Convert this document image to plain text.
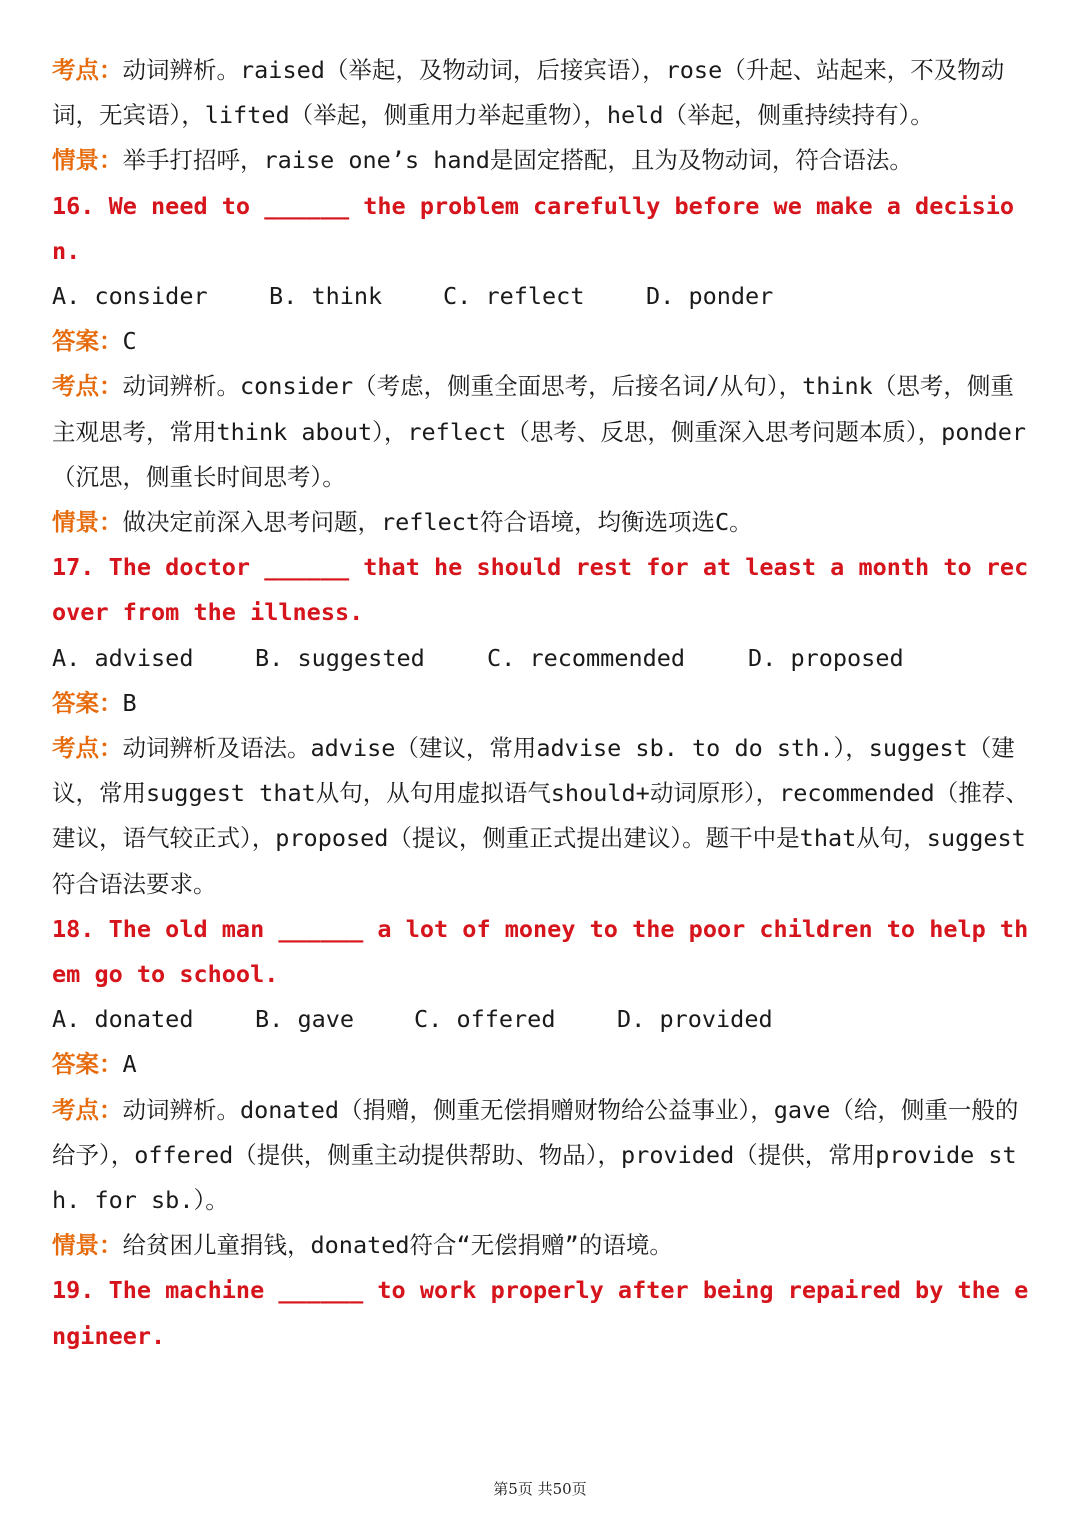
考点：动词辨析。raised（举起，及物动词，后接宾语），rose（升起、站起来，不及物动词，无宾语），lifted（举起，侧重用力举起重物），held（举起，侧重持续持有）。

情景：举手打招呼，raise one’s hand是固定搭配，且为及物动词，符合语法。

16. We need to ______ the problem carefully before we make a decision.

A. consider	B. think	C. reflect	D. ponder

答案：C

考点：动词辨析。consider（考虑，侧重全面思考，后接名词/从句），think（思考，侧重主观思考，常用think about），reflect（思考、反思，侧重深入思考问题本质），ponder（沉思，侧重长时间思考）。

情景：做决定前深入思考问题，reflect符合语境，均衡选项选C。

17. The doctor ______ that he should rest for at least a month to recover from the illness.

A. advised	B. suggested	C. recommended	D. proposed

答案：B

考点：动词辨析及语法。advise（建议，常用advise sb. to do sth.），suggest（建议，常用suggest that从句，从句用虚拟语气should+动词原形），recommended（推荐、建议，语气较正式），proposed（提议，侧重正式提出建议）。题干中是that从句，suggest符合语法要求。

18. The old man ______ a lot of money to the poor children to help them go to school.

A. donated	B. gave	C. offered	D. provided

答案：A

考点：动词辨析。donated（捐赠，侧重无偿捐赠财物给公益事业），gave（给，侧重一般的给予），offered（提供，侧重主动提供帮助、物品），provided（提供，常用provide sth. for sb.）。

情景：给贫困儿童捐钱，donated符合“无偿捐赠”的语境。

19. The machine ______ to work properly after being repaired by the engineer.

第5页 共50页
